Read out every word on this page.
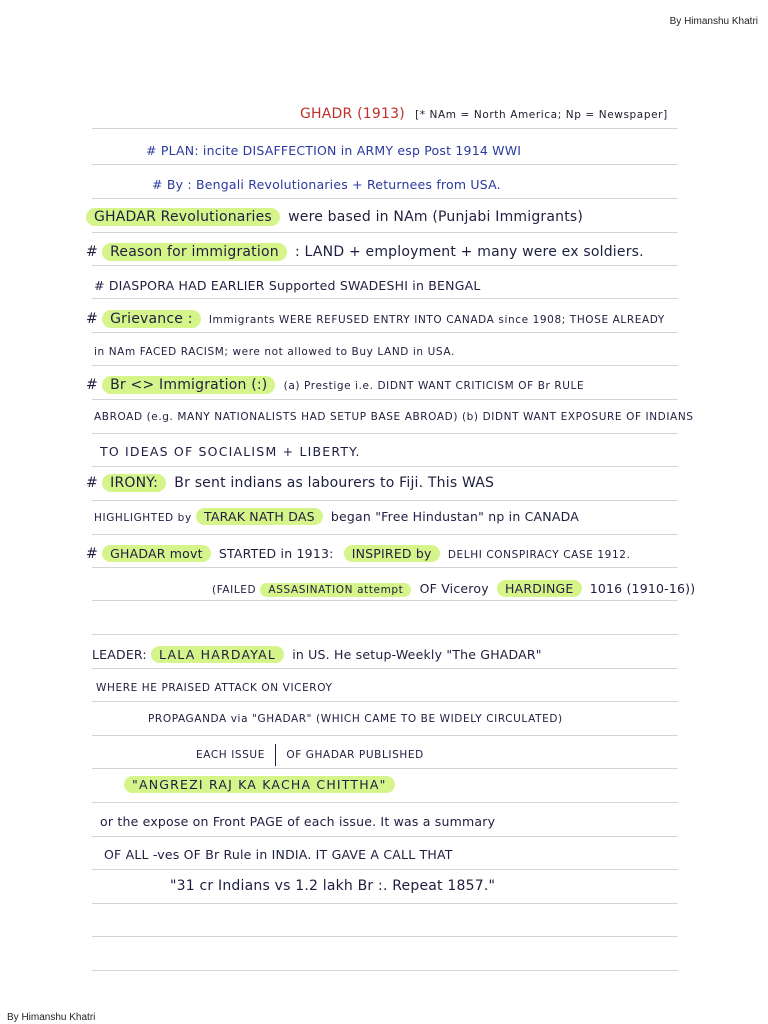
By Himanshu Khatri
GHADR (1913) [* NAm = North America; Np = Newspaper]
# PLAN: incite DISAFFECTION in ARMY esp Post 1914 WWI
# By : Bengali Revolutionaries + Returnees from USA.
GHADAR Revolutionaries were based in NAm (Punjabi Immigrants)
# Reason for immigration : LAND + employment + many were ex soldiers.
# DIASPORA HAD EARLIER Supported SWADESHI in BENGAL
# Grievance : Immigrants WERE REFUSED ENTRY INTO CANADA since 1908; THOSE ALREADY
in NAm FACED RACISM; were not allowed to Buy LAND in USA.
# Br <> Immigration (:) (a) Prestige i.e. DIDNT WANT CRITICISM OF Br RULE
ABROAD (e.g. MANY NATIONALISTS HAD SETUP BASE ABROAD) (b) DIDNT WANT EXPOSURE OF INDIANS
TO IDEAS OF SOCIALISM + LIBERTY.
# IRONY: Br sent indians as labourers to Fiji. This WAS
HIGHLIGHTED by TARAK NATH DAS began "Free Hindustan" np in CANADA
# GHADAR movt STARTED in 1913: INSPIRED by DELHI CONSPIRACY CASE 1912.
(FAILED ASSASINATION attempt OF Viceroy HARDINGE 1016 (1910-16))
LEADER: LALA HARDAYAL in US. He setup-Weekly "The GHADAR"
WHERE HE PRAISED ATTACK ON VICEROY
PROPAGANDA via "GHADAR" (WHICH CAME TO BE WIDELY CIRCULATED)
EACH ISSUE OF GHADAR PUBLISHED
"ANGREZI RAJ KA KACHA CHITTHA"
or the expose on Front PAGE of each issue. It was a summary
OF ALL -ves OF Br Rule in INDIA. IT GAVE A CALL THAT
"31 cr Indians vs 1.2 lakh Br :. Repeat 1857."
By Himanshu Khatri
